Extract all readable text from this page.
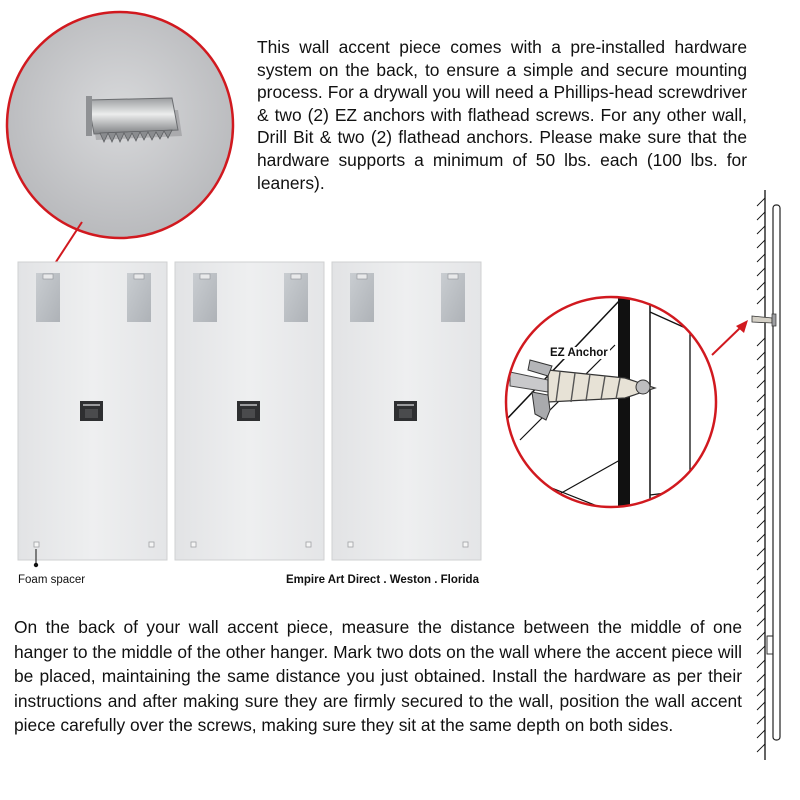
This wall accent piece comes with a pre-installed hardware system on the back, to ensure a simple and secure mounting process. For a drywall you will need a Phillips-head screwdriver & two (2) EZ anchors with flathead screws. For any other wall, Drill Bit & two (2) flathead anchors. Please make sure that the hardware supports a minimum of 50 lbs. each (100 lbs. for leaners).

Foam spacer	Empire Art Direct . Weston . Florida
EZ Anchor

On the back of your wall accent piece, measure the distance between the middle of one hanger to the middle of the other hanger. Mark two dots on the wall where the accent piece will be placed, maintaining the same distance you just obtained. Install the hardware as per their instructions and after making sure they are firmly secured to the wall, position the wall accent piece carefully over the screws, making sure they sit at the same depth on both sides.
